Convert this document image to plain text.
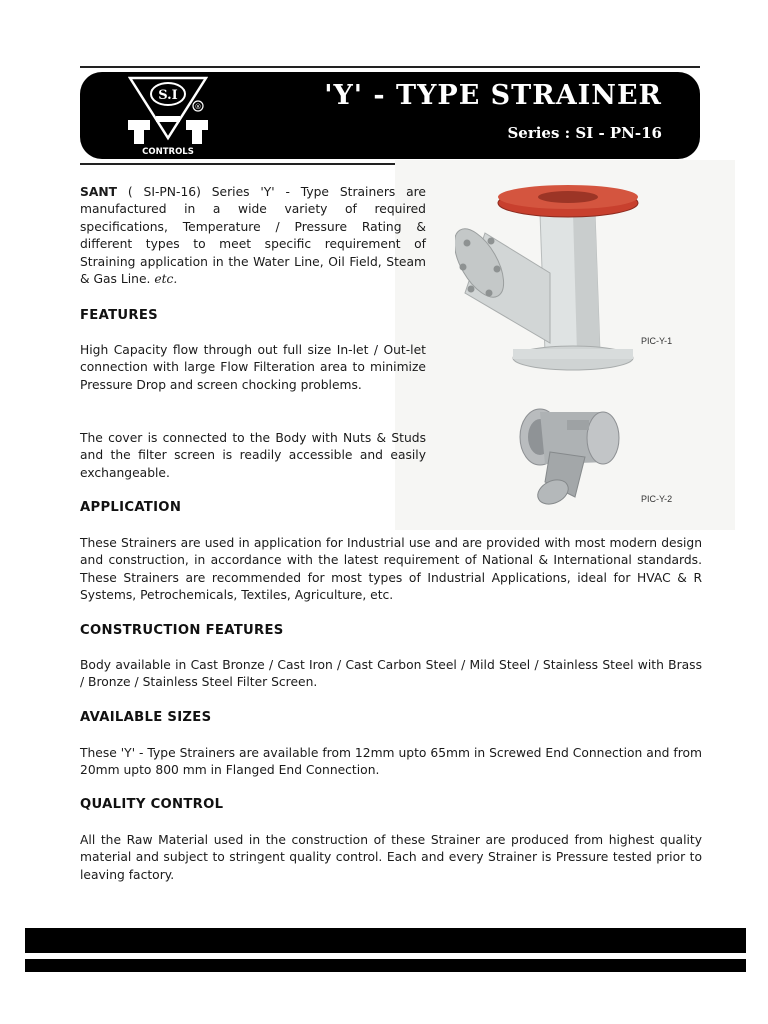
S.I
®
CONTROLS
'Y' - TYPE STRAINER
Series : SI - PN-16
PIC-Y-1
PIC-Y-2
SANT ( SI-PN-16) Series 'Y' - Type Strainers are manufactured in a wide variety of required specifications, Temperature / Pressure Rating & different types to meet specific requirement of Straining application in the Water Line, Oil Field, Steam & Gas Line. etc.
FEATURES
High Capacity flow through out full size In-let / Out-let connection with large Flow Filteration area to minimize Pressure Drop and screen chocking problems.
The cover is connected to the Body with Nuts & Studs and the filter screen is readily accessible and easily exchangeable.
APPLICATION
These Strainers are used in application for Industrial use and are provided with most modern design and construction, in accordance with the latest requirement of National & International standards. These Strainers are recommended for most types of Industrial Applications, ideal for HVAC & R Systems, Petrochemicals, Textiles, Agriculture, etc.
CONSTRUCTION FEATURES
Body available in Cast Bronze / Cast Iron / Cast Carbon Steel / Mild Steel / Stainless Steel with Brass / Bronze / Stainless Steel Filter Screen.
AVAILABLE SIZES
These 'Y' - Type Strainers are available from 12mm upto 65mm in Screwed End Connection and from 20mm upto 800 mm in Flanged End Connection.
QUALITY CONTROL
All the Raw Material used in the construction of these Strainer are produced from highest quality material and subject to stringent quality control. Each and every Strainer is Pressure tested prior to leaving factory.
